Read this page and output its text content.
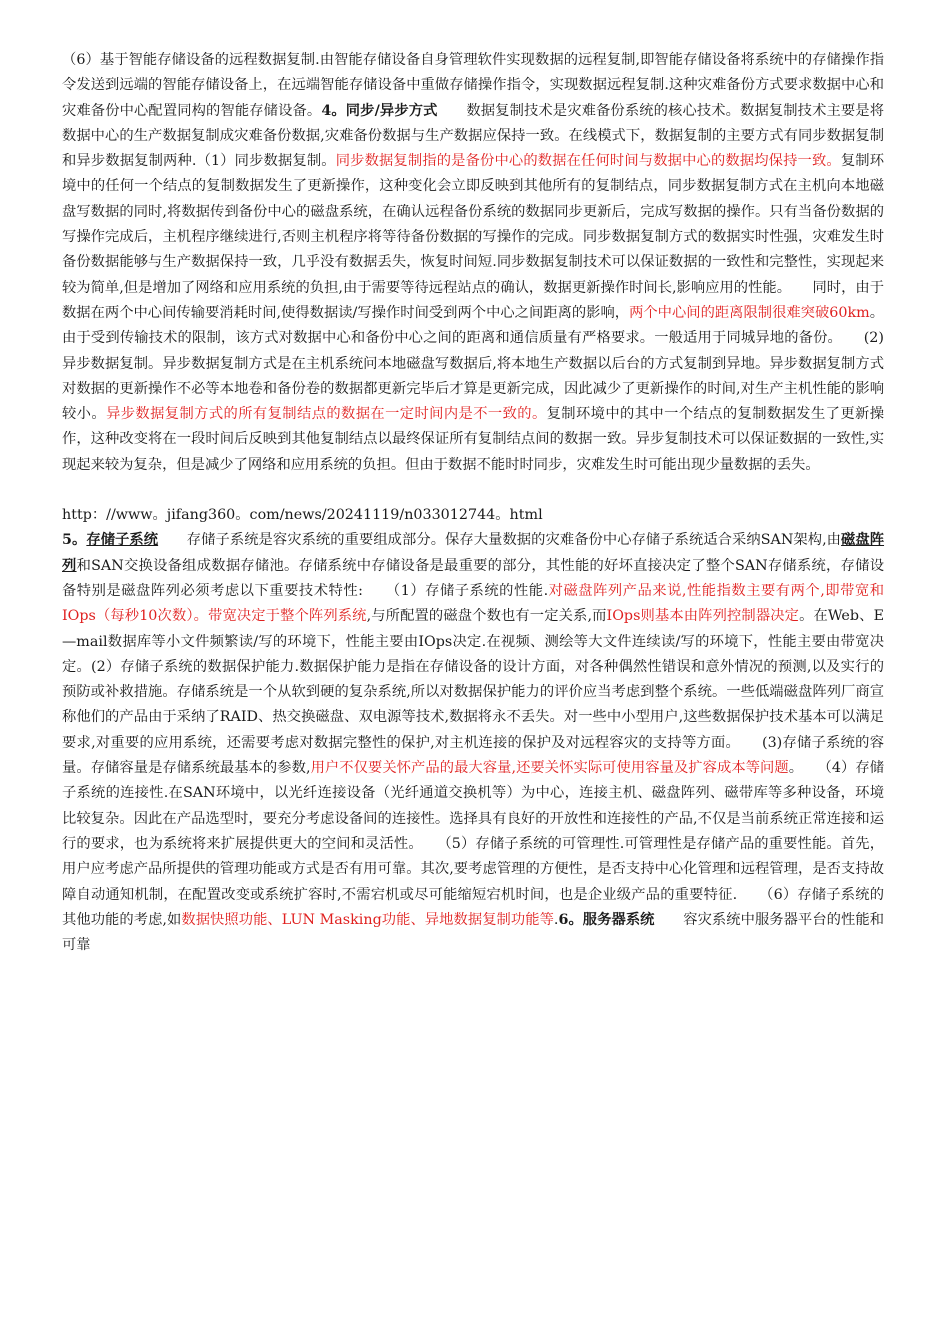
（6）基于智能存储设备的远程数据复制.由智能存储设备自身管理软件实现数据的远程复制,即智能存储设备将系统中的存储操作指令发送到远端的智能存储设备上，在远端智能存储设备中重做存储操作指令，实现数据远程复制.这种灾难备份方式要求数据中心和灾难备份中心配置同构的智能存储设备。4。同步/异步方式　　数据复制技术是灾难备份系统的核心技术。数据复制技术主要是将数据中心的生产数据复制成灾难备份数据,灾难备份数据与生产数据应保持一致。在线模式下，数据复制的主要方式有同步数据复制和异步数据复制两种.（1）同步数据复制。同步数据复制指的是备份中心的数据在任何时间与数据中心的数据均保持一致。复制环境中的任何一个结点的复制数据发生了更新操作，这种变化会立即反映到其他所有的复制结点，同步数据复制方式在主机向本地磁盘写数据的同时,将数据传到备份中心的磁盘系统，在确认远程备份系统的数据同步更新后，完成写数据的操作。只有当备份数据的写操作完成后，主机程序继续进行,否则主机程序将等待备份数据的写操作的完成。同步数据复制方式的数据实时性强，灾难发生时备份数据能够与生产数据保持一致，几乎没有数据丢失，恢复时间短.同步数据复制技术可以保证数据的一致性和完整性，实现起来较为简单,但是增加了网络和应用系统的负担,由于需要等待远程站点的确认，数据更新操作时间长,影响应用的性能。　　同时，由于数据在两个中心间传输要消耗时间,使得数据读/写操作时间受到两个中心之间距离的影响，两个中心间的距离限制很难突破60km。由于受到传输技术的限制，该方式对数据中心和备份中心之间的距离和通信质量有严格要求。一般适用于同城异地的备份。　　(2)异步数据复制。异步数据复制方式是在主机系统问本地磁盘写数据后,将本地生产数据以后台的方式复制到异地。异步数据复制方式对数据的更新操作不必等本地卷和备份卷的数据都更新完毕后才算是更新完成，因此减少了更新操作的时间,对生产主机性能的影响较小。异步数据复制方式的所有复制结点的数据在一定时间内是不一致的。复制环境中的其中一个结点的复制数据发生了更新操作，这种改变将在一段时间后反映到其他复制结点以最终保证所有复制结点间的数据一致。异步复制技术可以保证数据的一致性,实现起来较为复杂，但是减少了网络和应用系统的负担。但由于数据不能时时同步，灾难发生时可能出现少量数据的丢失。

http：//www。jifang360。com/news/20241119/n033012744。html

5。存储子系统　　存储子系统是容灾系统的重要组成部分。保存大量数据的灾难备份中心存储子系统适合采纳SAN架构,由磁盘阵列和SAN交换设备组成数据存储池。存储系统中存储设备是最重要的部分，其性能的好坏直接决定了整个SAN存储系统，存储设备特别是磁盘阵列必须考虑以下重要技术特性:　　（1）存储子系统的性能.对磁盘阵列产品来说,性能指数主要有两个,即带宽和IOps（每秒10次数）。带宽决定于整个阵列系统,与所配置的磁盘个数也有一定关系,而IOps则基本由阵列控制器决定。在Web、E—mail数据库等小文件频繁读/写的环境下，性能主要由IOps决定.在视频、测绘等大文件连续读/写的环境下，性能主要由带宽决定。(2）存储子系统的数据保护能力.数据保护能力是指在存储设备的设计方面，对各种偶然性错误和意外情况的预测,以及实行的预防或补救措施。存储系统是一个从软到硬的复杂系统,所以对数据保护能力的评价应当考虑到整个系统。一些低端磁盘阵列厂商宣称他们的产品由于采纳了RAID、热交换磁盘、双电源等技术,数据将永不丢失。对一些中小型用户,这些数据保护技术基本可以满足要求,对重要的应用系统，还需要考虑对数据完整性的保护,对主机连接的保护及对远程容灾的支持等方面。　　(3)存储子系统的容量。存储容量是存储系统最基本的参数,用户不仅要关怀产品的最大容量,还要关怀实际可使用容量及扩容成本等问题。　　（4）存储子系统的连接性.在SAN环境中，以光纤连接设备（光纤通道交换机等）为中心，连接主机、磁盘阵列、磁带库等多种设备，环境比较复杂。因此在产品选型时，要充分考虑设备间的连接性。选择具有良好的开放性和连接性的产品,不仅是当前系统正常连接和运行的要求，也为系统将来扩展提供更大的空间和灵活性。　　（5）存储子系统的可管理性.可管理性是存储产品的重要性能。首先，用户应考虑产品所提供的管理功能或方式是否有用可靠。其次,要考虑管理的方便性，是否支持中心化管理和远程管理，是否支持故障自动通知机制，在配置改变或系统扩容时,不需宕机或尽可能缩短宕机时间，也是企业级产品的重要特征.　　（6）存储子系统的其他功能的考虑,如数据快照功能、LUN Masking功能、异地数据复制功能等.6。服务器系统　　容灾系统中服务器平台的性能和可靠
